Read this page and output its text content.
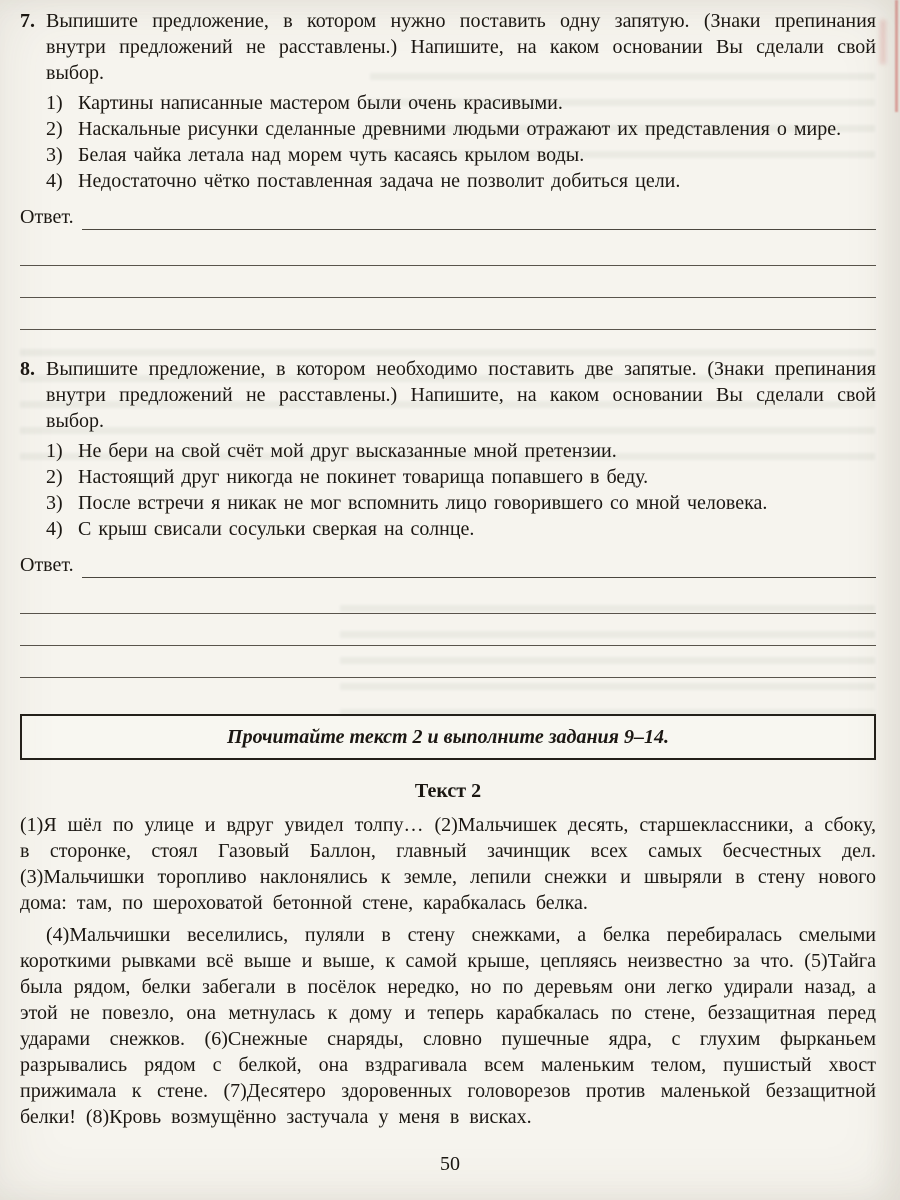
7. Выпишите предложение, в котором нужно поставить одну запятую. (Знаки препинания внутри предложений не расставлены.) Напишите, на каком основании Вы сделали свой выбор.

1) Картины написанные мастером были очень красивыми.
2) Наскальные рисунки сделанные древними людьми отражают их представления о мире.
3) Белая чайка летала над морем чуть касаясь крылом воды.
4) Недостаточно чётко поставленная задача не позволит добиться цели.
Ответ.
8. Выпишите предложение, в котором необходимо поставить две запятые. (Знаки препинания внутри предложений не расставлены.) Напишите, на каком основании Вы сделали свой выбор.

1) Не бери на свой счёт мой друг высказанные мной претензии.
2) Настоящий друг никогда не покинет товарища попавшего в беду.
3) После встречи я никак не мог вспомнить лицо говорившего со мной человека.
4) С крыш свисали сосульки сверкая на солнце.
Ответ.
Прочитайте текст 2 и выполните задания 9–14.
Текст 2

(1)Я шёл по улице и вдруг увидел толпу… (2)Мальчишек десять, старшеклассники, а сбоку, в сторонке, стоял Газовый Баллон, главный зачинщик всех самых бесчестных дел. (3)Мальчишки торопливо наклонялись к земле, лепили снежки и швыряли в стену нового дома: там, по шероховатой бетонной стене, карабкалась белка.

(4)Мальчишки веселились, пуляли в стену снежками, а белка перебиралась смелыми короткими рывками всё выше и выше, к самой крыше, цепляясь неизвестно за что. (5)Тайга была рядом, белки забегали в посёлок нередко, но по деревьям они легко удирали назад, а этой не повезло, она метнулась к дому и теперь карабкалась по стене, беззащитная перед ударами снежков. (6)Снежные снаряды, словно пушечные ядра, с глухим фырканьем разрывались рядом с белкой, она вздрагивала всем маленьким телом, пушистый хвост прижимала к стене. (7)Десятеро здоровенных головорезов против маленькой беззащитной белки! (8)Кровь возмущённо застучала у меня в висках.

50
